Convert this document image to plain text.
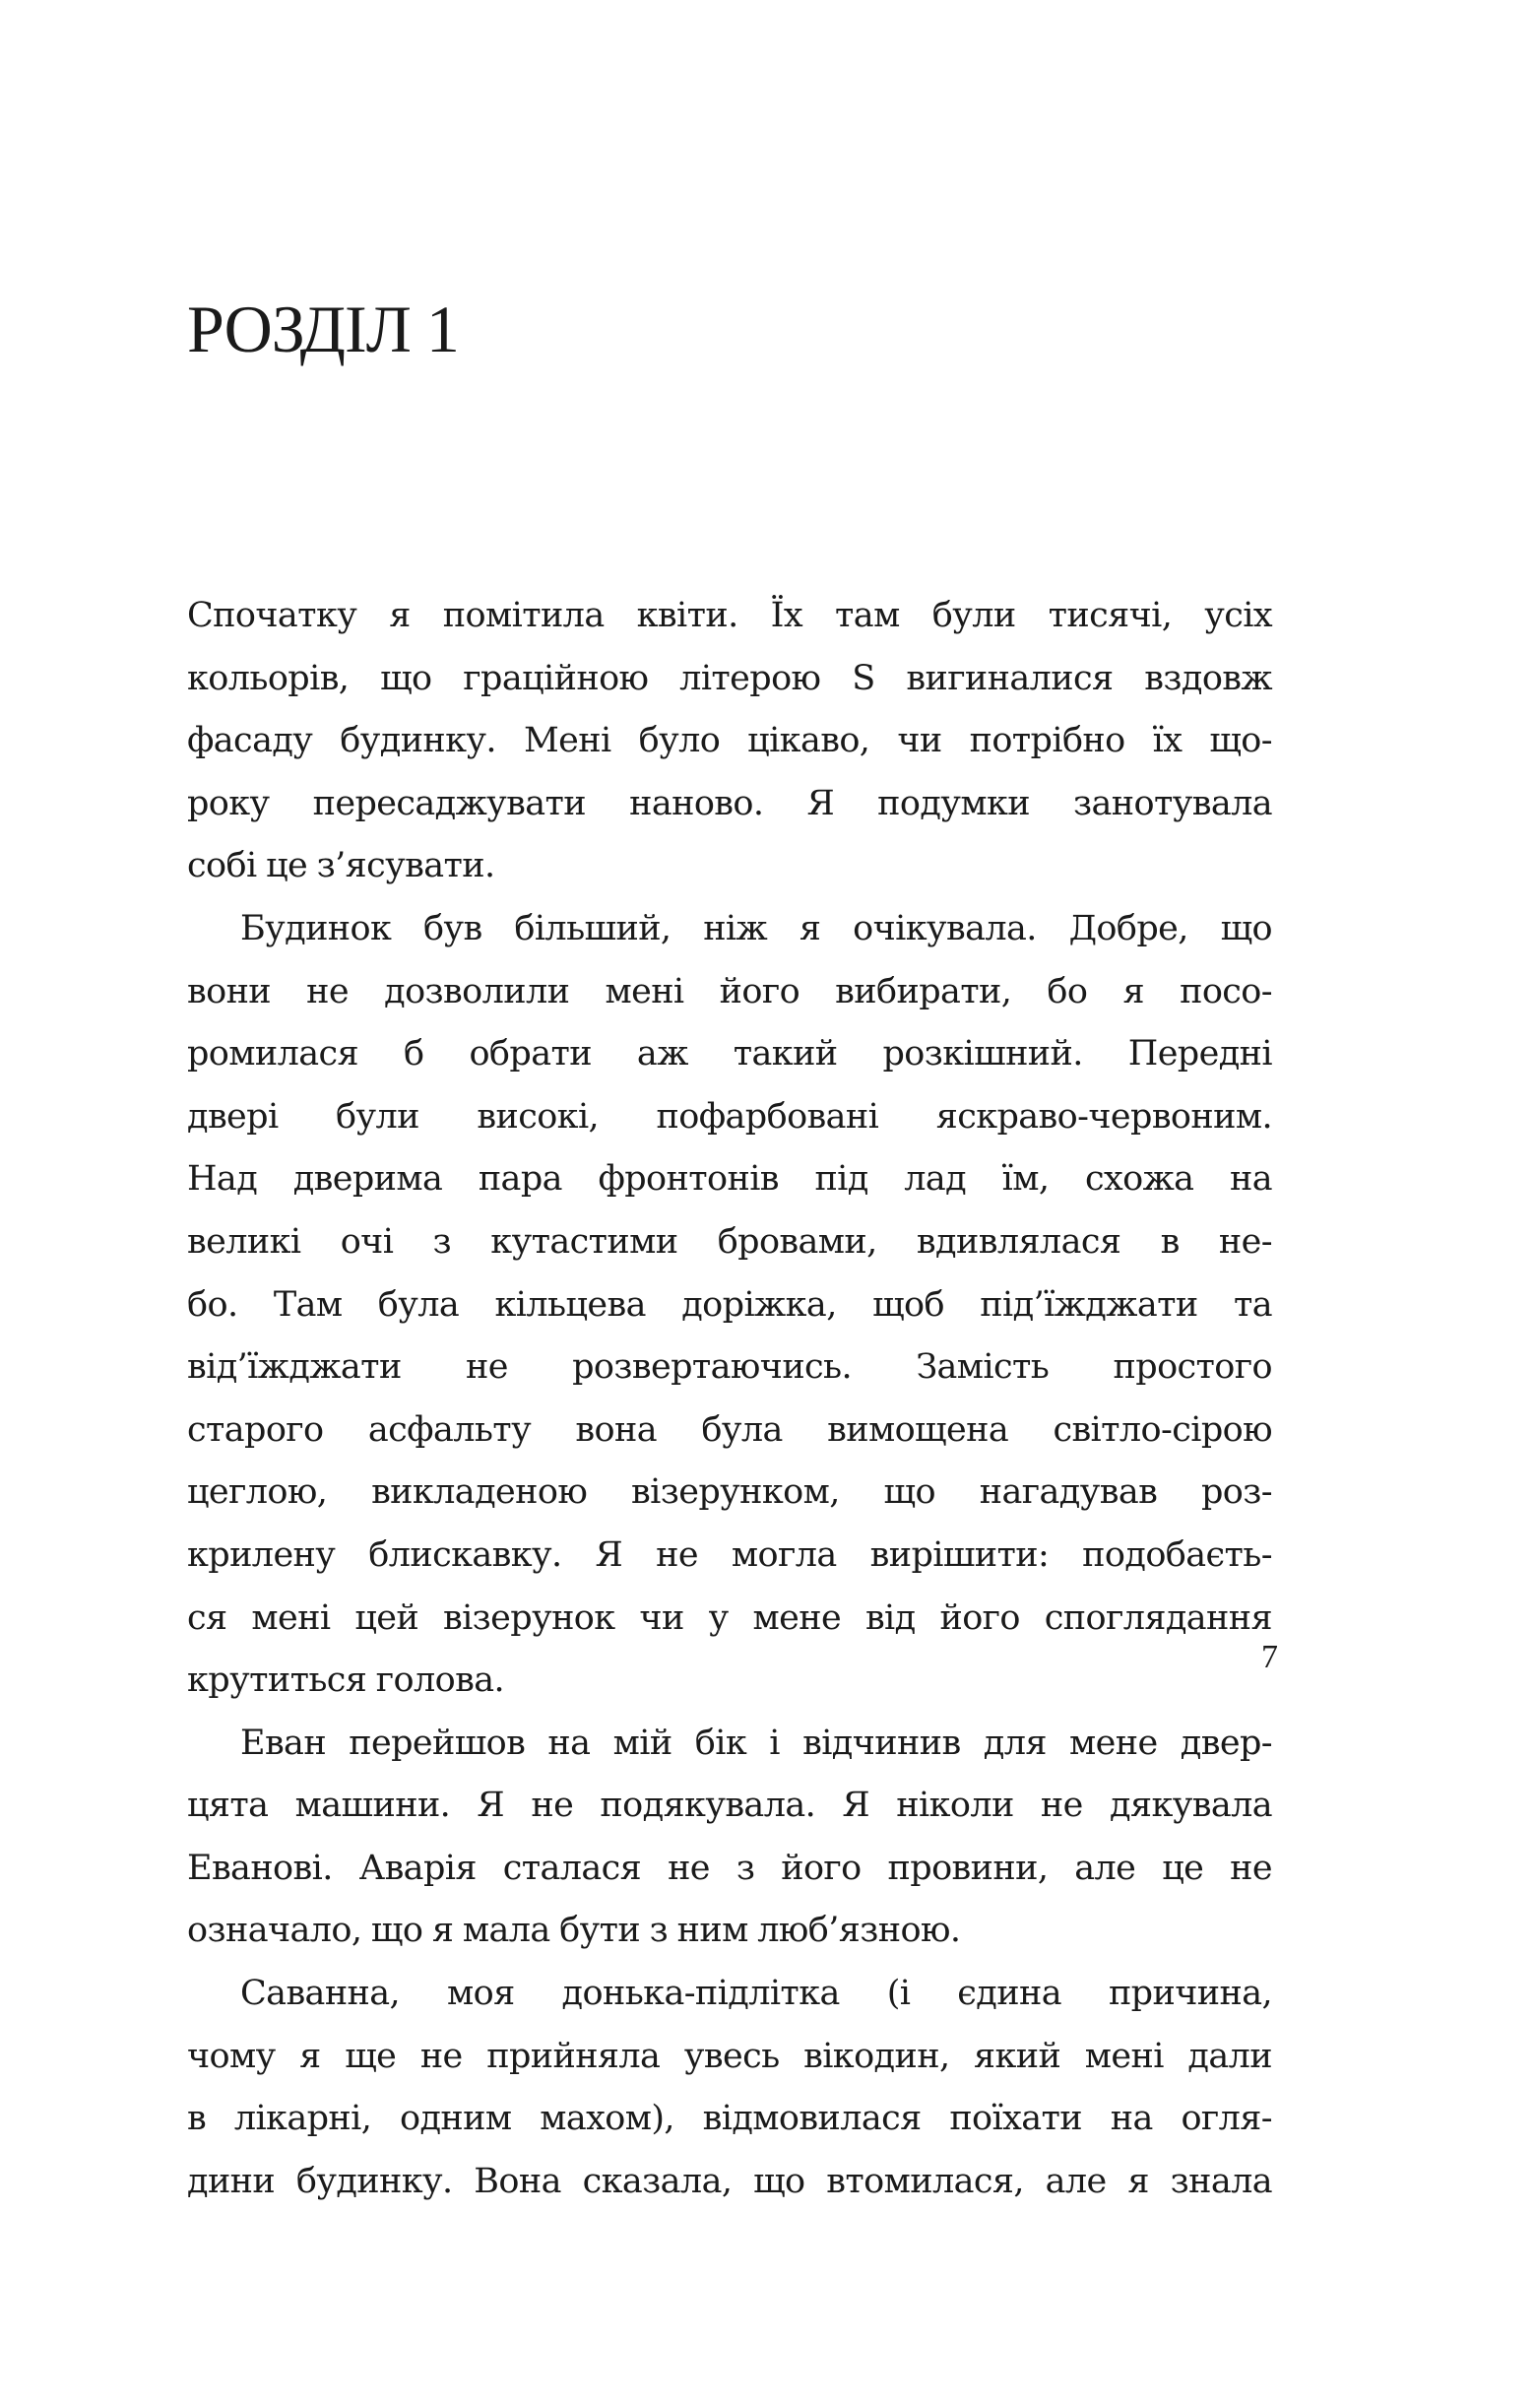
РОЗДІЛ 1

Спочатку я помітила квіти. Їх там були тисячі, усіх
кольорів, що граційною літерою S вигиналися вздовж
фасаду будинку. Мені було цікаво, чи потрібно їх що-
року пересаджувати наново. Я подумки занотувала
собі це з’ясувати.

Будинок був більший, ніж я очікувала. Добре, що
вони не дозволили мені його вибирати, бо я посо-
ромилася б обрати аж такий розкішний. Передні
двері були високі, пофарбовані яскраво-червоним.
Над дверима пара фронтонів під лад їм, схожа на
великі очі з кутастими бровами, вдивлялася в не-
бо. Там була кільцева доріжка, щоб під’їжджати та
від’їжджати не розвертаючись. Замість простого
старого асфальту вона була вимощена світло-сірою
цеглою, викладеною візерунком, що нагадував роз-
крилену блискавку. Я не могла вирішити: подобаєть-
ся мені цей візерунок чи у мене від його споглядання
крутиться голова.

Еван перейшов на мій бік і відчинив для мене двер-
цята машини. Я не подякувала. Я ніколи не дякувала
Еванові. Аварія сталася не з його провини, але це не
означало, що я мала бути з ним люб’язною.

Саванна, моя донька-підлітка (і єдина причина,
чому я ще не прийняла увесь вікодин, який мені дали
в лікарні, одним махом), відмовилася поїхати на огля-
дини будинку. Вона сказала, що втомилася, але я знала

7
